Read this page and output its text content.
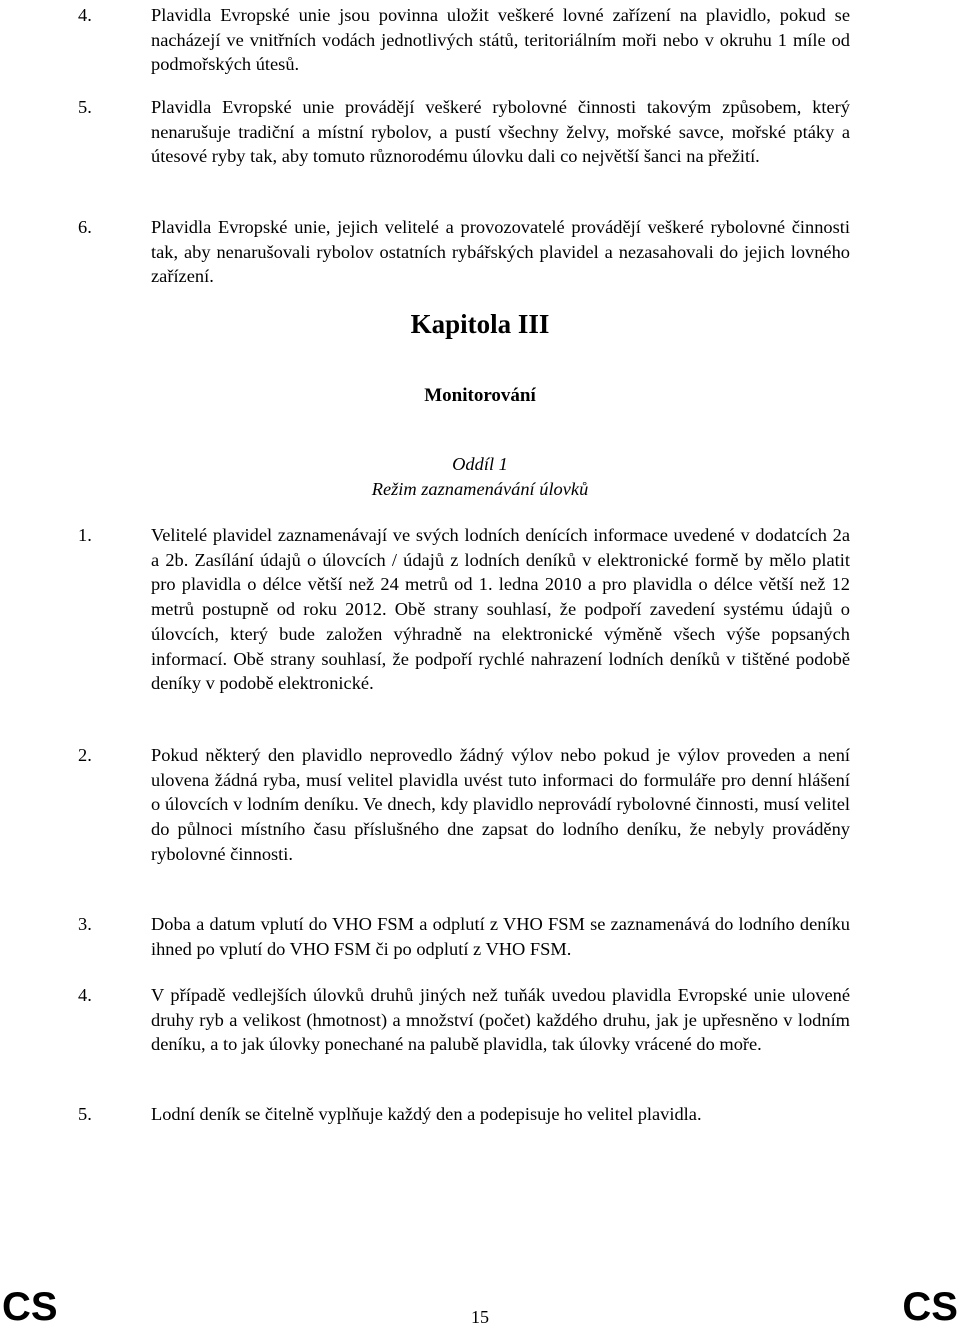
4.	Plavidla Evropské unie jsou povinna uložit veškeré lovné zařízení na plavidlo, pokud se nacházejí ve vnitřních vodách jednotlivých států, teritoriálním moři nebo v okruhu 1 míle od podmořských útesů.
5.	Plavidla Evropské unie provádějí veškeré rybolovné činnosti takovým způsobem, který nenarušuje tradiční a místní rybolov, a pustí všechny želvy, mořské savce, mořské ptáky a útesové ryby tak, aby tomuto různorodému úlovku dali co největší šanci na přežití.
6.	Plavidla Evropské unie, jejich velitelé a provozovatelé provádějí veškeré rybolovné činnosti tak, aby nenarušovali rybolov ostatních rybářských plavidel a nezasahovali do jejich lovného zařízení.
Kapitola III
Monitorování
Oddíl 1
Režim zaznamenávání úlovků
1.	Velitelé plavidel zaznamenávají ve svých lodních denících informace uvedené v dodatcích 2a a 2b. Zasílání údajů o úlovcích / údajů z lodních deníků v elektronické formě by mělo platit pro plavidla o délce větší než 24 metrů od 1. ledna 2010 a pro plavidla o délce větší než 12 metrů postupně od roku 2012. Obě strany souhlasí, že podpoří zavedení systému údajů o úlovcích, který bude založen výhradně na elektronické výměně všech výše popsaných informací. Obě strany souhlasí, že podpoří rychlé nahrazení lodních deníků v tištěné podobě deníky v podobě elektronické.
2.	Pokud některý den plavidlo neprovedlo žádný výlov nebo pokud je výlov proveden a není ulovena žádná ryba, musí velitel plavidla uvést tuto informaci do formuláře pro denní hlášení o úlovcích v lodním deníku. Ve dnech, kdy plavidlo neprovádí rybolovné činnosti, musí velitel do půlnoci místního času příslušného dne zapsat do lodního deníku, že nebyly prováděny rybolovné činnosti.
3.	Doba a datum vplutí do VHO FSM a odplutí z VHO FSM se zaznamenává do lodního deníku ihned po vplutí do VHO FSM či po odplutí z VHO FSM.
4.	V případě vedlejších úlovků druhů jiných než tuňák uvedou plavidla Evropské unie ulovené druhy ryb a velikost (hmotnost) a množství (počet) každého druhu, jak je upřesněno v lodním deníku, a to jak úlovky ponechané na palubě plavidla, tak úlovky vrácené do moře.
5.	Lodní deník se čitelně vyplňuje každý den a podepisuje ho velitel plavidla.
CS	15	CS
